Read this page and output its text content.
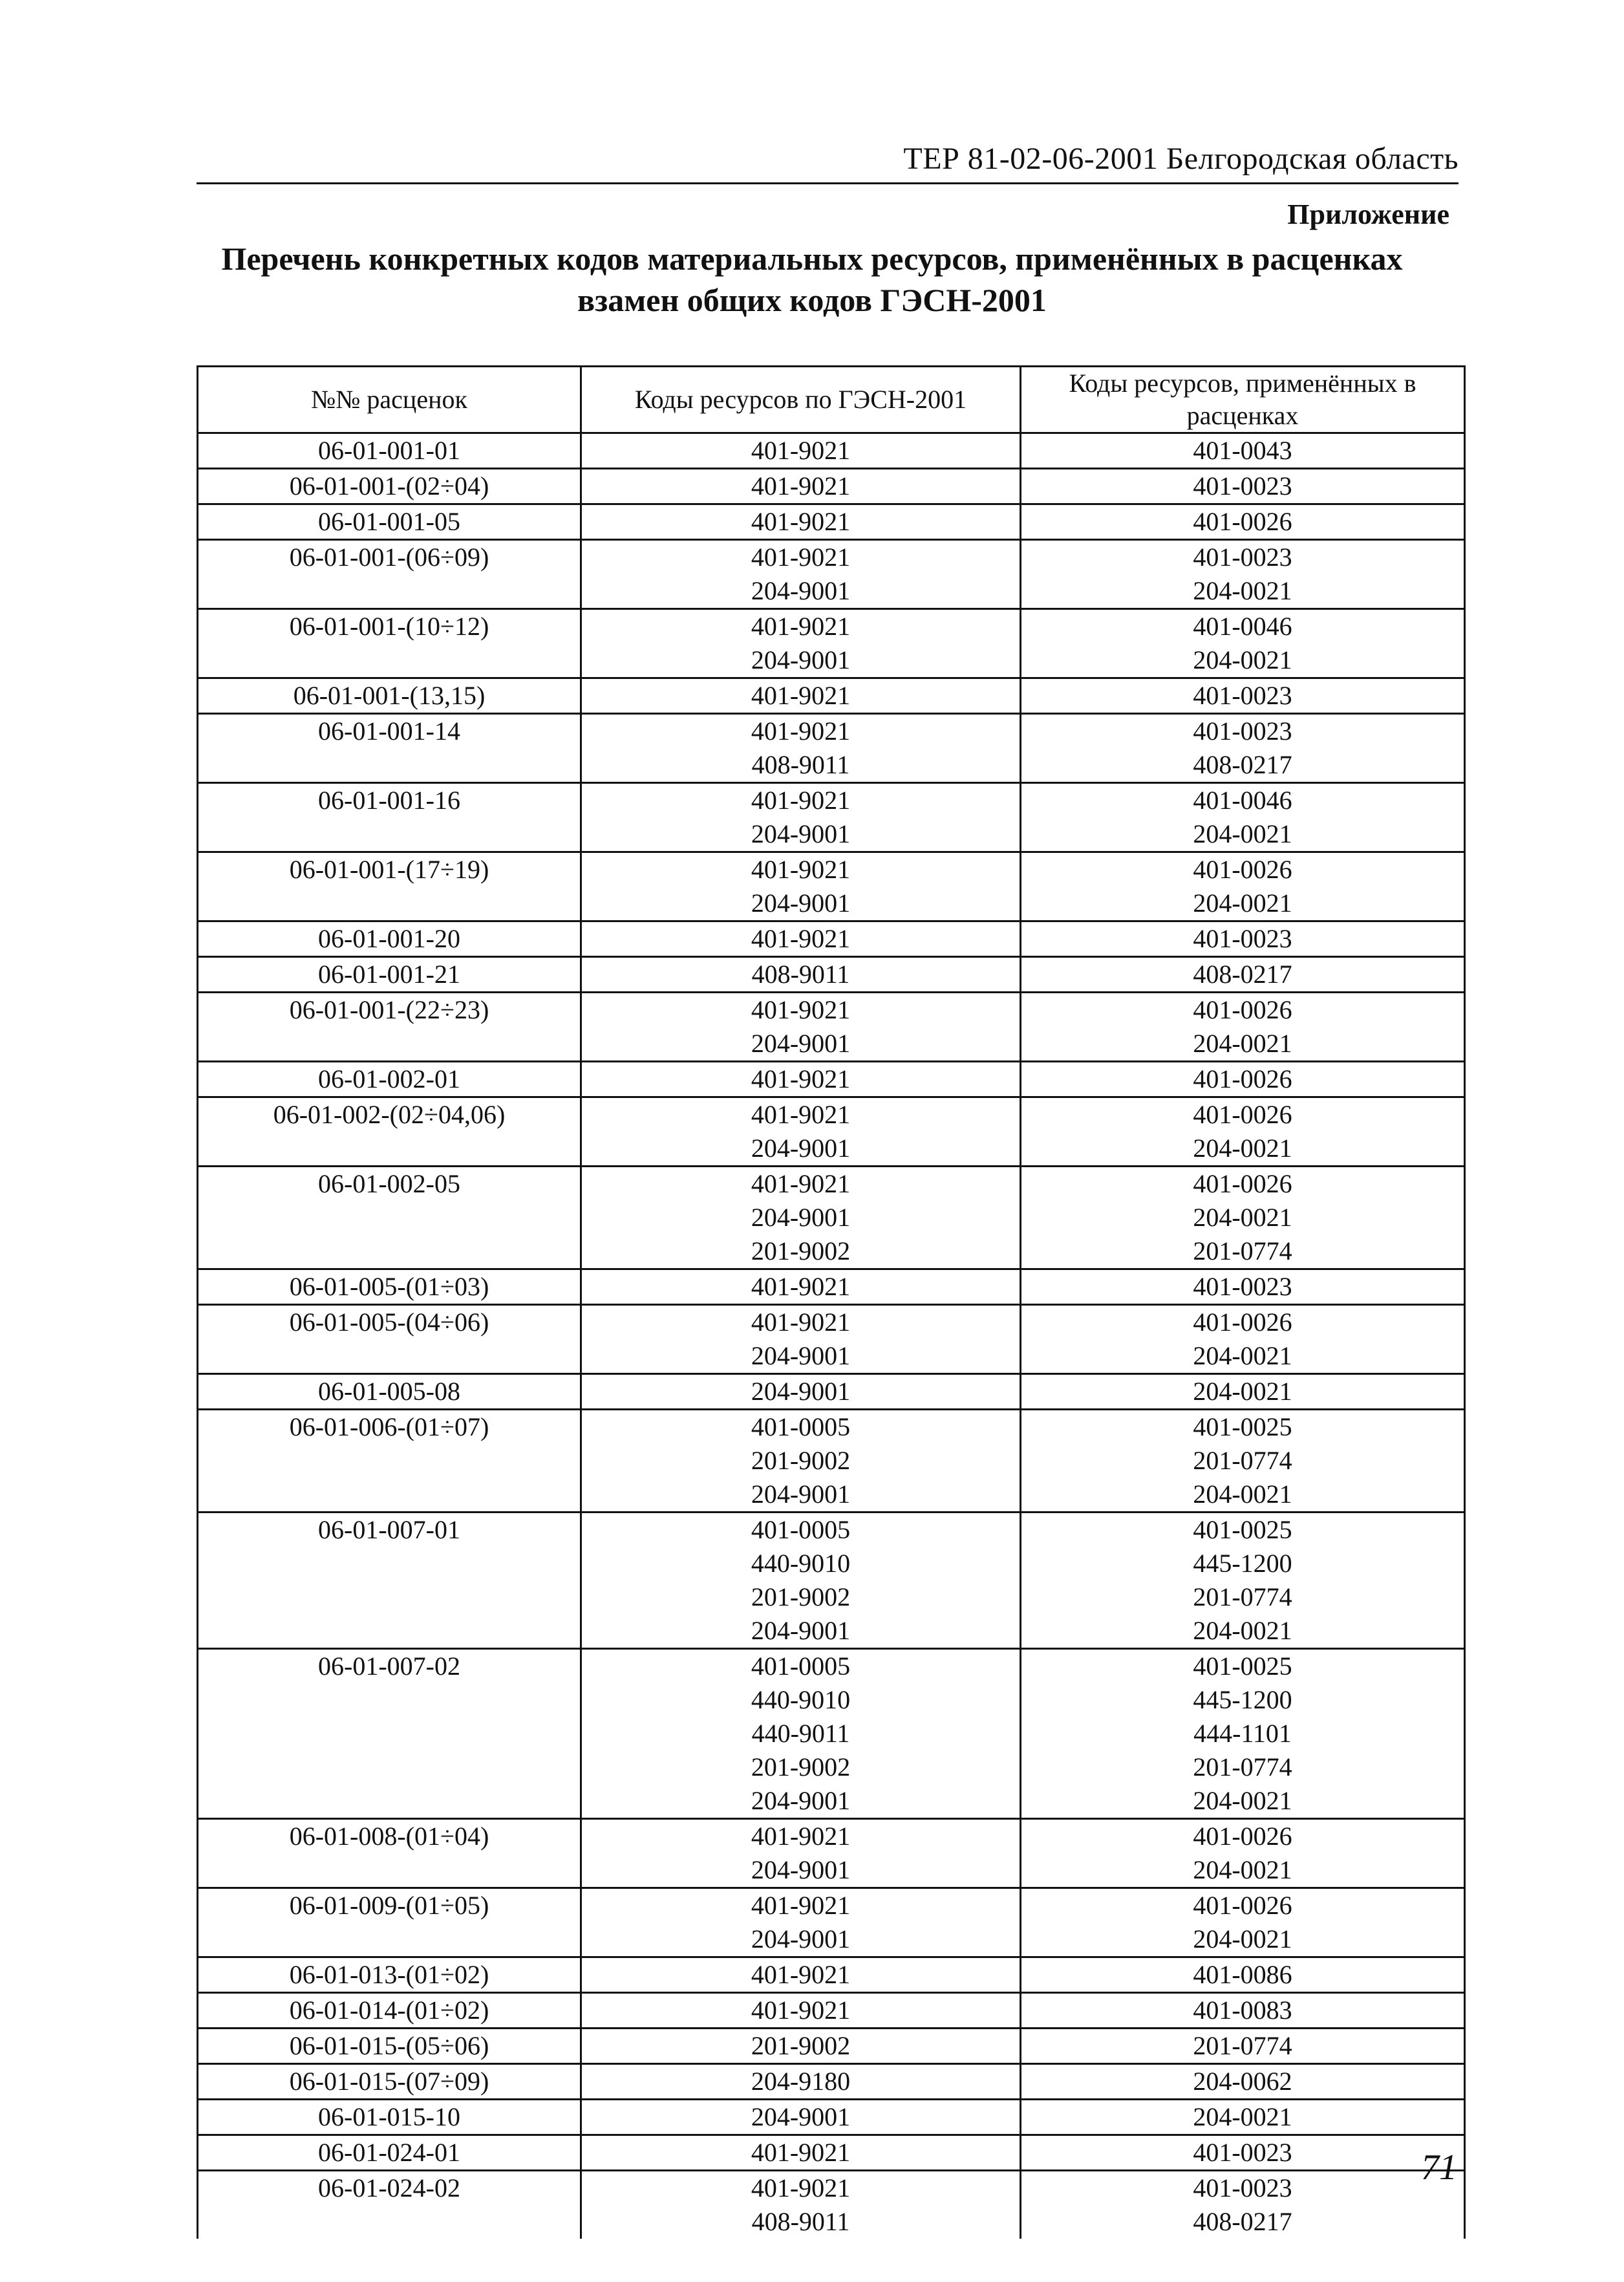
ТЕР 81-02-06-2001 Белгородская область
Приложение
Перечень конкретных кодов материальных ресурсов, применённых в расценках
взамен общих кодов ГЭСН-2001
№№ расценок	Коды ресурсов по ГЭСН-2001	Коды ресурсов, применённых в расценках
06-01-001-01	401-9021	401-0043
06-01-001-(02÷04)	401-9021	401-0023
06-01-001-05	401-9021	401-0026
06-01-001-(06÷09)	401-9021	401-0023
	204-9001	204-0021
06-01-001-(10÷12)	401-9021	401-0046
	204-9001	204-0021
06-01-001-(13,15)	401-9021	401-0023
06-01-001-14	401-9021	401-0023
	408-9011	408-0217
06-01-001-16	401-9021	401-0046
	204-9001	204-0021
06-01-001-(17÷19)	401-9021	401-0026
	204-9001	204-0021
06-01-001-20	401-9021	401-0023
06-01-001-21	408-9011	408-0217
06-01-001-(22÷23)	401-9021	401-0026
	204-9001	204-0021
06-01-002-01	401-9021	401-0026
06-01-002-(02÷04,06)	401-9021	401-0026
	204-9001	204-0021
06-01-002-05	401-9021	401-0026
	204-9001	204-0021
	201-9002	201-0774
06-01-005-(01÷03)	401-9021	401-0023
06-01-005-(04÷06)	401-9021	401-0026
	204-9001	204-0021
06-01-005-08	204-9001	204-0021
06-01-006-(01÷07)	401-0005	401-0025
	201-9002	201-0774
	204-9001	204-0021
06-01-007-01	401-0005	401-0025
	440-9010	445-1200
	201-9002	201-0774
	204-9001	204-0021
06-01-007-02	401-0005	401-0025
	440-9010	445-1200
	440-9011	444-1101
	201-9002	201-0774
	204-9001	204-0021
06-01-008-(01÷04)	401-9021	401-0026
	204-9001	204-0021
06-01-009-(01÷05)	401-9021	401-0026
	204-9001	204-0021
06-01-013-(01÷02)	401-9021	401-0086
06-01-014-(01÷02)	401-9021	401-0083
06-01-015-(05÷06)	201-9002	201-0774
06-01-015-(07÷09)	204-9180	204-0062
06-01-015-10	204-9001	204-0021
06-01-024-01	401-9021	401-0023
06-01-024-02	401-9021	401-0023
	408-9011	408-0217
71
